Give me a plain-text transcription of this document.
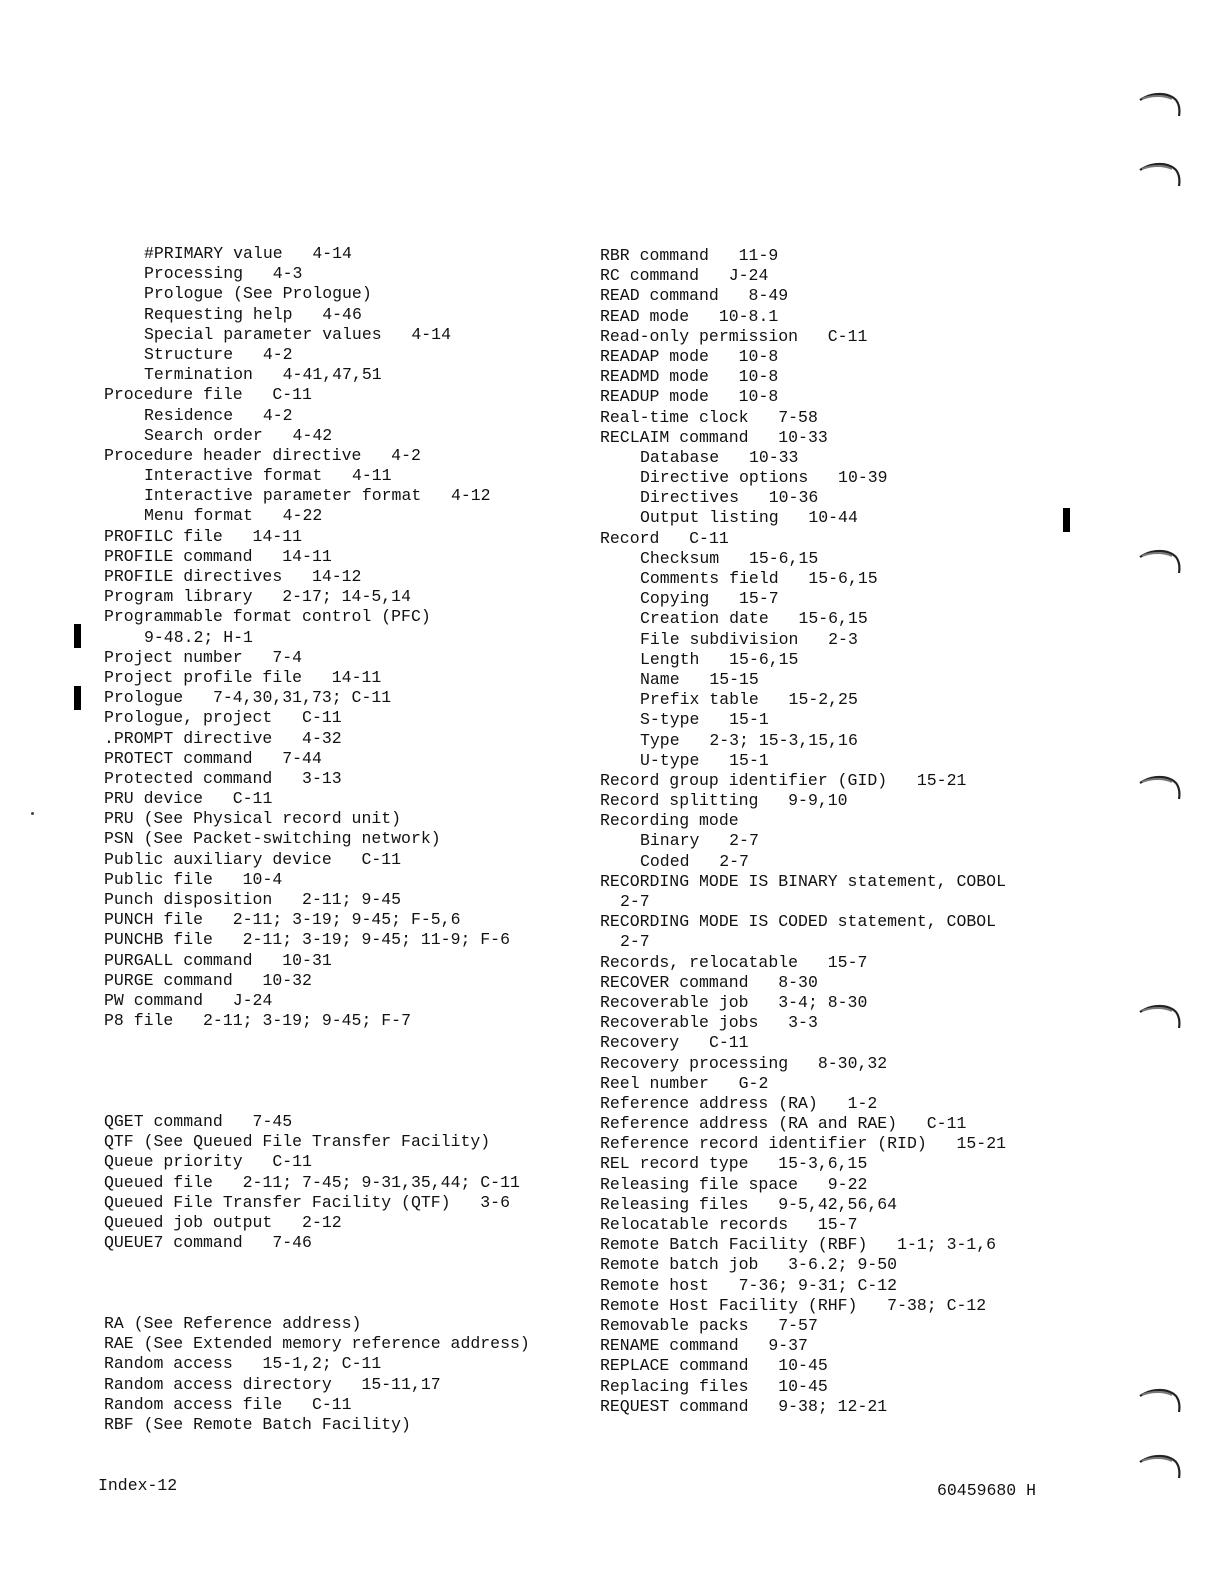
#PRIMARY value 4-14
Processing 4-3
Prologue (See Prologue)
Requesting help 4-46
Special parameter values 4-14
Structure 4-2
Termination 4-41,47,51
Procedure file C-11
Residence 4-2
Search order 4-42
Procedure header directive 4-2
Interactive format 4-11
Interactive parameter format 4-12
Menu format 4-22
PROFILC file 14-11
PROFILE command 14-11
PROFILE directives 14-12
Program library 2-17; 14-5,14
Programmable format control (PFC)
9-48.2; H-1
Project number 7-4
Project profile file 14-11
Prologue 7-4,30,31,73; C-11
Prologue, project C-11
.PROMPT directive 4-32
PROTECT command 7-44
Protected command 3-13
PRU device C-11
PRU (See Physical record unit)
PSN (See Packet-switching network)
Public auxiliary device C-11
Public file 10-4
Punch disposition 2-11; 9-45
PUNCH file 2-11; 3-19; 9-45; F-5,6
PUNCHB file 2-11; 3-19; 9-45; 11-9; F-6
PURGALL command 10-31
PURGE command 10-32
PW command J-24
P8 file 2-11; 3-19; 9-45; F-7
QGET command 7-45
QTF (See Queued File Transfer Facility)
Queue priority C-11
Queued file 2-11; 7-45; 9-31,35,44; C-11
Queued File Transfer Facility (QTF) 3-6
Queued job output 2-12
QUEUE7 command 7-46
RA (See Reference address)
RAE (See Extended memory reference address)
Random access 15-1,2; C-11
Random access directory 15-11,17
Random access file C-11
RBF (See Remote Batch Facility)
RBR command 11-9
RC command J-24
READ command 8-49
READ mode 10-8.1
Read-only permission C-11
READAP mode 10-8
READMD mode 10-8
READUP mode 10-8
Real-time clock 7-58
RECLAIM command 10-33
Database 10-33
Directive options 10-39
Directives 10-36
Output listing 10-44
Record C-11
Checksum 15-6,15
Comments field 15-6,15
Copying 15-7
Creation date 15-6,15
File subdivision 2-3
Length 15-6,15
Name 15-15
Prefix table 15-2,25
S-type 15-1
Type 2-3; 15-3,15,16
U-type 15-1
Record group identifier (GID) 15-21
Record splitting 9-9,10
Recording mode
Binary 2-7
Coded 2-7
RECORDING MODE IS BINARY statement, COBOL
2-7
RECORDING MODE IS CODED statement, COBOL
2-7
Records, relocatable 15-7
RECOVER command 8-30
Recoverable job 3-4; 8-30
Recoverable jobs 3-3
Recovery C-11
Recovery processing 8-30,32
Reel number G-2
Reference address (RA) 1-2
Reference address (RA and RAE) C-11
Reference record identifier (RID) 15-21
REL record type 15-3,6,15
Releasing file space 9-22
Releasing files 9-5,42,56,64
Relocatable records 15-7
Remote Batch Facility (RBF) 1-1; 3-1,6
Remote batch job 3-6.2; 9-50
Remote host 7-36; 9-31; C-12
Remote Host Facility (RHF) 7-38; C-12
Removable packs 7-57
RENAME command 9-37
REPLACE command 10-45
Replacing files 10-45
REQUEST command 9-38; 12-21
Index-12	60459680 H
